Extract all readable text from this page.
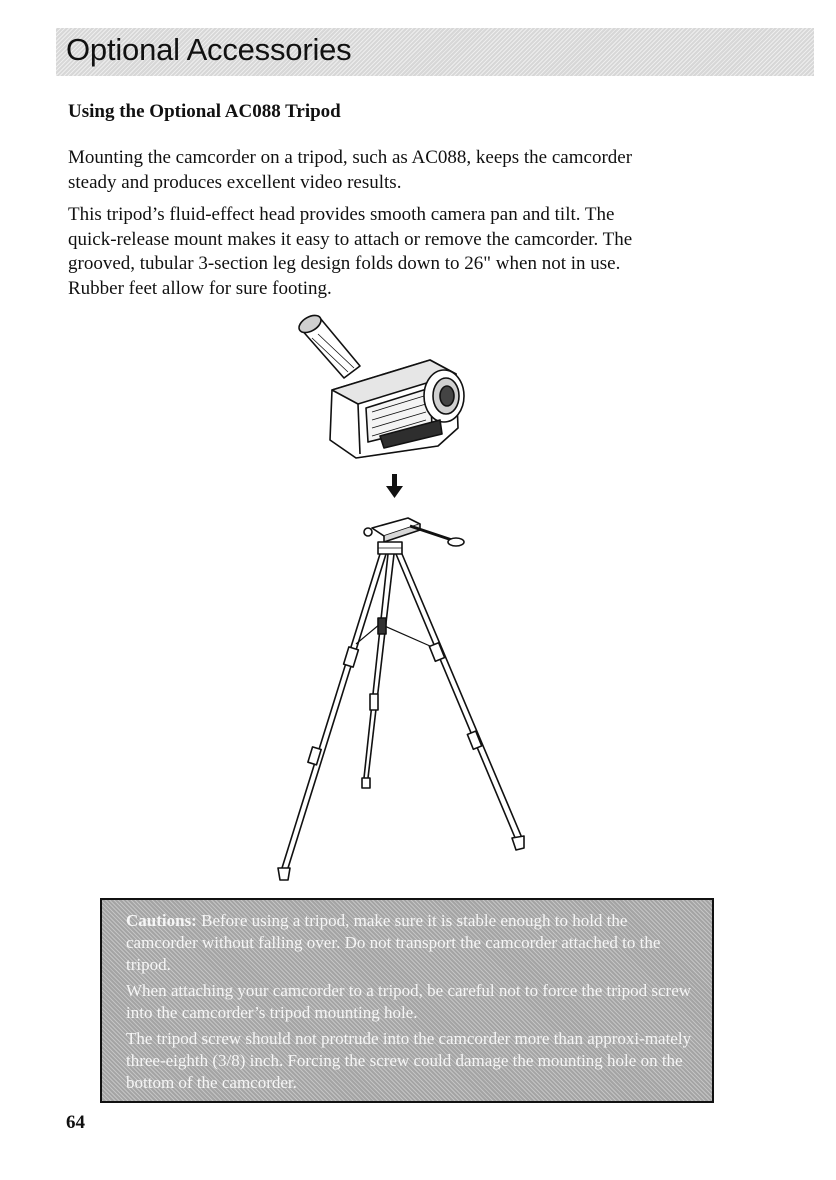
Optional Accessories
Using the Optional AC088 Tripod

Mounting the camcorder on a tripod, such as AC088, keeps the camcorder steady and produces excellent video results.

This tripod’s fluid-effect head provides smooth camera pan and tilt. The quick-release mount makes it easy to attach or remove the camcorder. The grooved, tubular 3-section leg design folds down to 26" when not in use. Rubber feet allow for sure footing.

Cautions: Before using a tripod, make sure it is stable enough to hold the camcorder without falling over. Do not transport the camcorder attached to the tripod.

When attaching your camcorder to a tripod, be careful not to force the tripod screw into the camcorder’s tripod mounting hole.

The tripod screw should not protrude into the camcorder more than approxi-mately three-eighth (3/8) inch. Forcing the screw could damage the mounting hole on the bottom of the camcorder.

64
